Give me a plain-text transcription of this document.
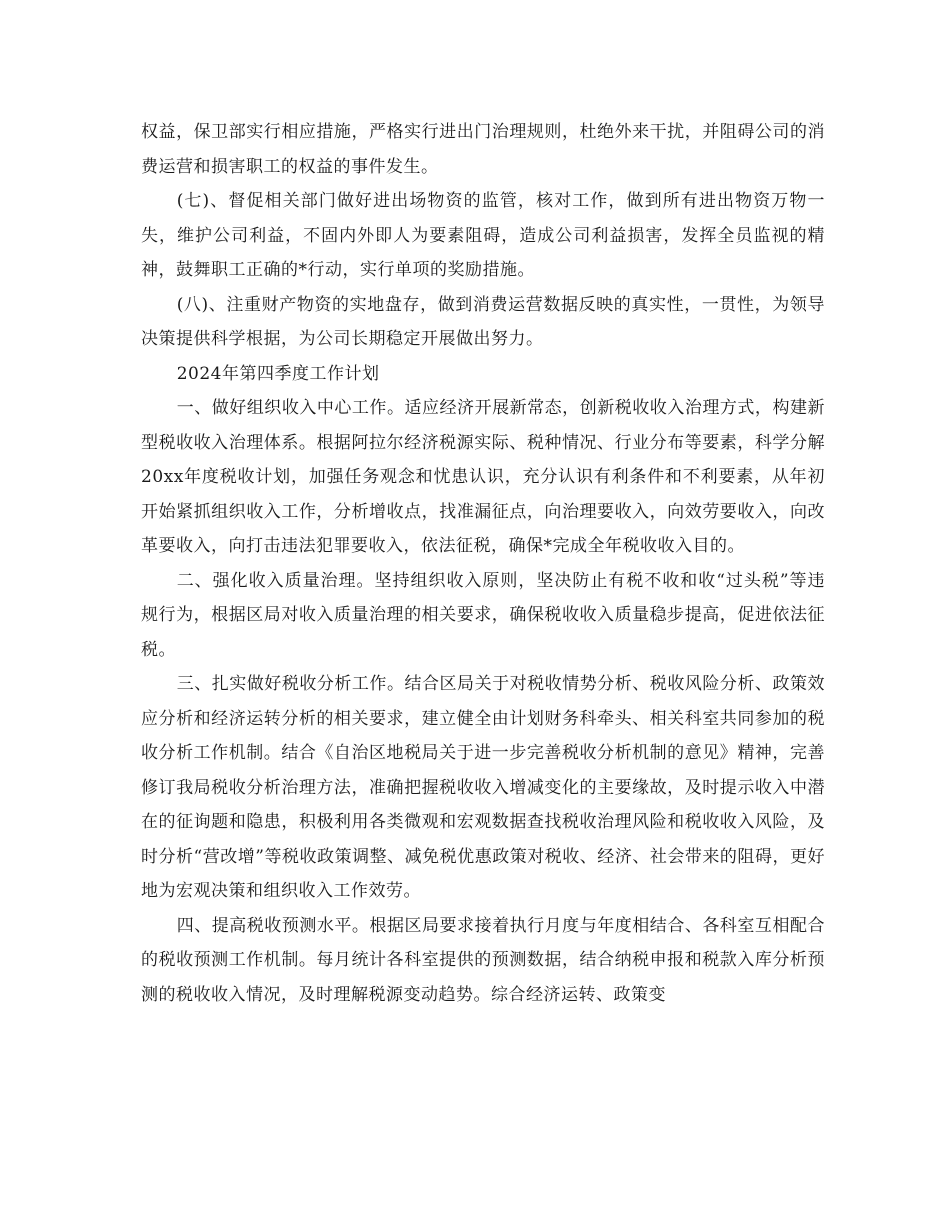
权益，保卫部实行相应措施，严格实行进出门治理规则，杜绝外来干扰，并阻碍公司的消费运营和损害职工的权益的事件发生。

(七)、督促相关部门做好进出场物资的监管，核对工作，做到所有进出物资万物一失，维护公司利益，不固内外即人为要素阻碍，造成公司利益损害，发挥全员监视的精神，鼓舞职工正确的*行动，实行单项的奖励措施。

(八)、注重财产物资的实地盘存，做到消费运营数据反映的真实性，一贯性，为领导决策提供科学根据，为公司长期稳定开展做出努力。

2024年第四季度工作计划

一、做好组织收入中心工作。适应经济开展新常态，创新税收收入治理方式，构建新型税收收入治理体系。根据阿拉尔经济税源实际、税种情况、行业分布等要素，科学分解20xx年度税收计划，加强任务观念和忧患认识，充分认识有利条件和不利要素，从年初开始紧抓组织收入工作，分析增收点，找准漏征点，向治理要收入，向效劳要收入，向改革要收入，向打击违法犯罪要收入，依法征税，确保*完成全年税收收入目的。

二、强化收入质量治理。坚持组织收入原则，坚决防止有税不收和收“过头税”等违规行为，根据区局对收入质量治理的相关要求，确保税收收入质量稳步提高，促进依法征税。

三、扎实做好税收分析工作。结合区局关于对税收情势分析、税收风险分析、政策效应分析和经济运转分析的相关要求，建立健全由计划财务科牵头、相关科室共同参加的税收分析工作机制。结合《自治区地税局关于进一步完善税收分析机制的意见》精神，完善修订我局税收分析治理方法，准确把握税收收入增减变化的主要缘故，及时提示收入中潜在的征询题和隐患，积极利用各类微观和宏观数据查找税收治理风险和税收收入风险，及时分析“营改增”等税收政策调整、减免税优惠政策对税收、经济、社会带来的阻碍，更好地为宏观决策和组织收入工作效劳。

四、提高税收预测水平。根据区局要求接着执行月度与年度相结合、各科室互相配合的税收预测工作机制。每月统计各科室提供的预测数据，结合纳税申报和税款入库分析预测的税收收入情况，及时理解税源变动趋势。综合经济运转、政策变
